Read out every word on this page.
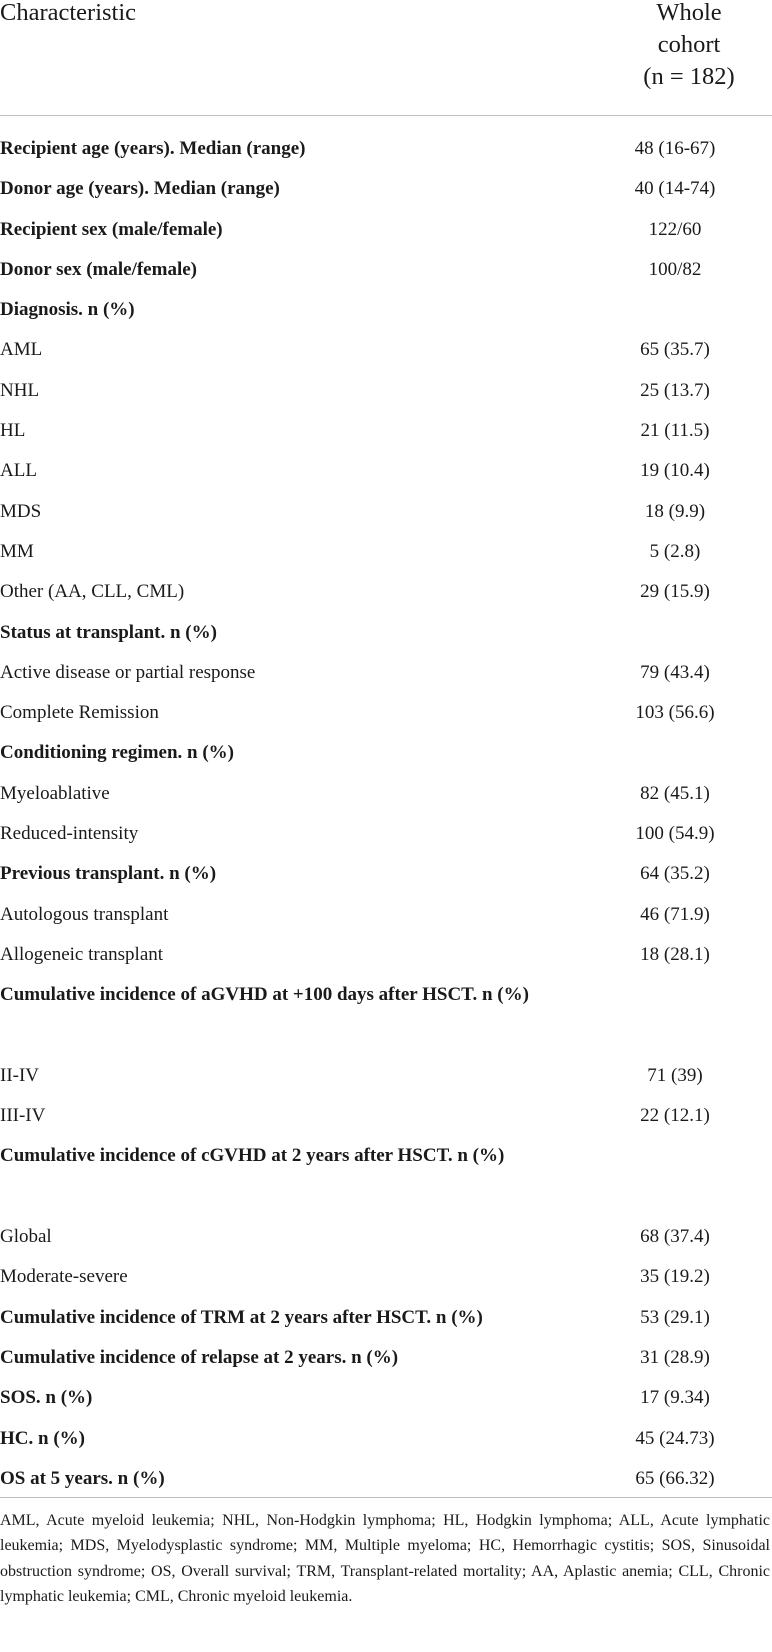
Characteristic	Whole
cohort
(n = 182)
Recipient age (years). Median (range)	48 (16-67)
Donor age (years). Median (range)	40 (14-74)
Recipient sex (male/female)	122/60
Donor sex (male/female)	100/82
Diagnosis. n (%)
AML	65 (35.7)
NHL	25 (13.7)
HL	21 (11.5)
ALL	19 (10.4)
MDS	18 (9.9)
MM	5 (2.8)
Other (AA, CLL, CML)	29 (15.9)
Status at transplant. n (%)
Active disease or partial response	79 (43.4)
Complete Remission	103 (56.6)
Conditioning regimen. n (%)
Myeloablative	82 (45.1)
Reduced-intensity	100 (54.9)
Previous transplant. n (%)	64 (35.2)
Autologous transplant	46 (71.9)
Allogeneic transplant	18 (28.1)
Cumulative incidence of aGVHD at +100 days after HSCT. n (%)
II-IV	71 (39)
III-IV	22 (12.1)
Cumulative incidence of cGVHD at 2 years after HSCT. n (%)
Global	68 (37.4)
Moderate-severe	35 (19.2)
Cumulative incidence of TRM at 2 years after HSCT. n (%)	53 (29.1)
Cumulative incidence of relapse at 2 years. n (%)	31 (28.9)
SOS. n (%)	17 (9.34)
HC. n (%)	45 (24.73)
OS at 5 years. n (%)	65 (66.32)
AML, Acute myeloid leukemia; NHL, Non-Hodgkin lymphoma; HL, Hodgkin lymphoma; ALL, Acute lymphatic leukemia; MDS, Myelodysplastic syndrome; MM, Multiple myeloma; HC, Hemorrhagic cystitis; SOS, Sinusoidal obstruction syndrome; OS, Overall survival; TRM, Transplant-related mortality; AA, Aplastic anemia; CLL, Chronic lymphatic leukemia; CML, Chronic myeloid leukemia.
